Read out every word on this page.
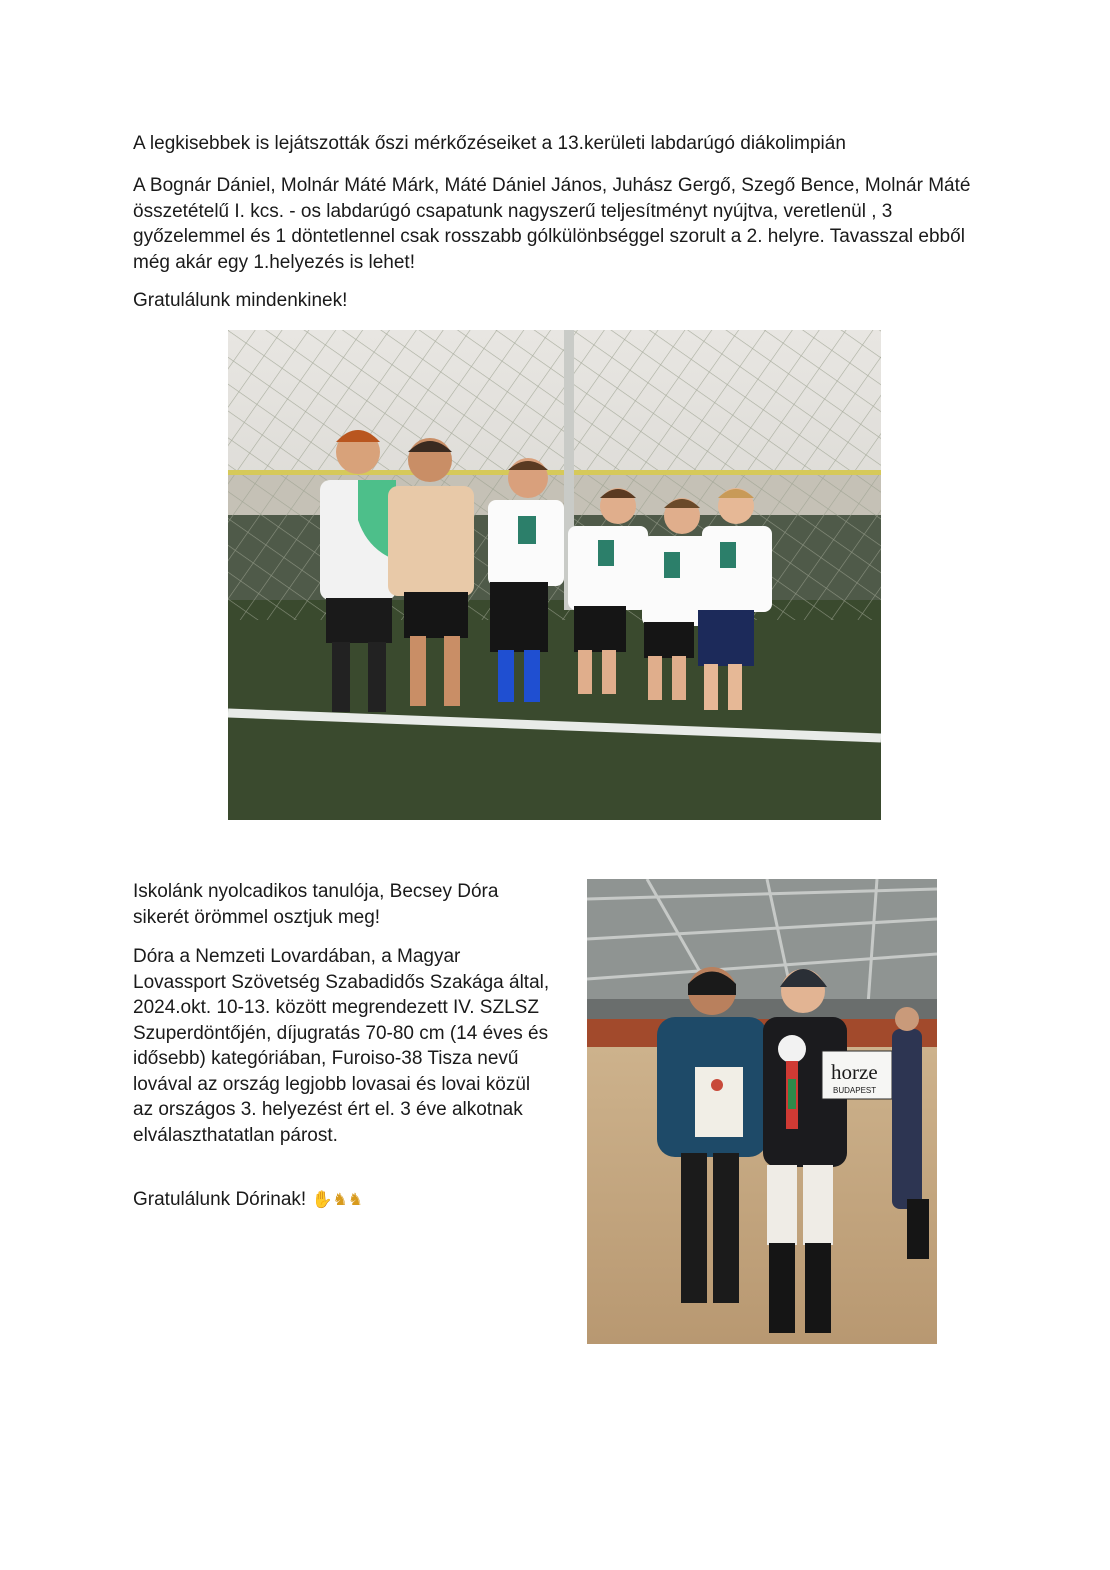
A legkisebbek is lejátszották őszi mérkőzéseiket a 13.kerületi labdarúgó diákolimpián

A Bognár Dániel, Molnár Máté Márk, Máté Dániel János, Juhász Gergő, Szegő Bence, Molnár Máté összetételű I. kcs. - os labdarúgó csapatunk nagyszerű teljesítményt nyújtva, veretlenül , 3 győzelemmel és 1 döntetlennel csak rosszabb gólkülönbséggel szorult a 2. helyre. Tavasszal ebből még akár egy 1.helyezés is lehet!

Gratulálunk mindenkinek!

Iskolánk nyolcadikos tanulója, Becsey Dóra sikerét örömmel osztjuk meg!

Dóra a Nemzeti Lovardában, a Magyar Lovassport Szövetség Szabadidős Szakága által, 2024.okt. 10-13. között megrendezett IV. SZLSZ Szuperdöntőjén, díjugratás 70-80 cm (14 éves és idősebb) kategóriában, Furoiso-38 Tisza nevű lovával az ország legjobb lovasai és lovai közül az országos 3. helyezést ért el. 3 éve alkotnak elválaszthatatlan párost.

Gratulálunk Dórinak! ✋♞♞

horze
BUDAPEST
